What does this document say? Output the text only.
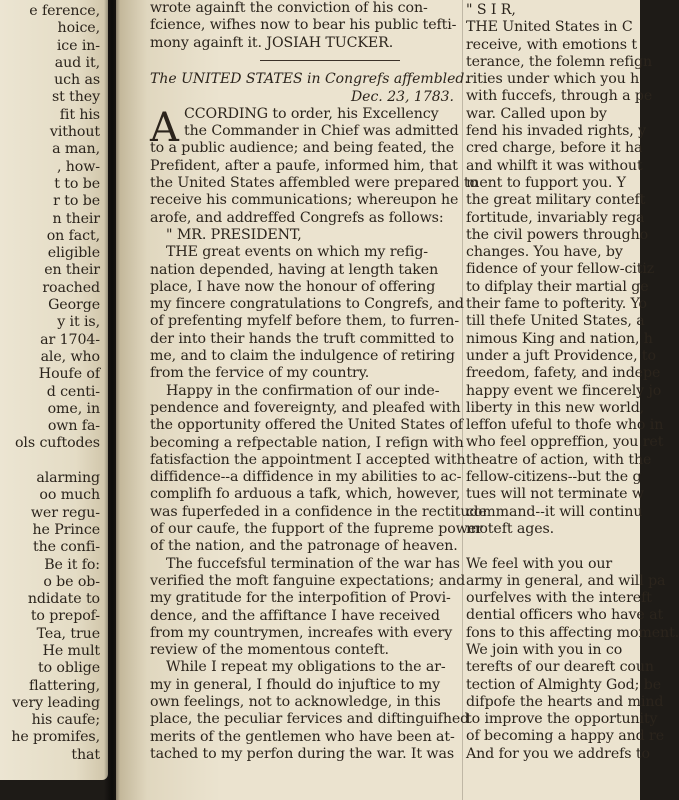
e ference,
hoice,
ice in-
aud it,
uch as
st they
fit his
vithout
a man,
, how-
t to be
r to be
n their
on fact,
eligible
en their
roached
George
y it is,
ar 1704-
ale, who
Houfe of
d centi-
ome, in
own fa-
ols cuftodes
alarming
oo much
wer regu-
he Prince
the confi-
Be it fo:
o be ob-
ndidate to
to prepof-
Tea, true
He mult
to oblige
flattering,
very leading
his caufe;
he promifes,
that
wrote againft the conviction of his con-
fcience, wifhes now to bear his public tefti-
mony againft it. JOSIAH TUCKER.
The UNITED STATES in Congrefs affembled.
Dec. 23, 1783.
A CCORDING to order, his Excellency
the Commander in Chief was admitted
to a public audience; and being feated, the
Prefident, after a paufe, informed him, that
the United States affembled were prepared to
receive his communications; whereupon he
arofe, and addreffed Congrefs as follows:
" MR. PRESIDENT,
THE great events on which my refig-
nation depended, having at length taken
place, I have now the honour of offering
my fincere congratulations to Congrefs, and
of prefenting myfelf before them, to furren-
der into their hands the truft committed to
me, and to claim the indulgence of retiring
from the fervice of my country.
Happy in the confirmation of our inde-
pendence and fovereignty, and pleafed with
the opportunity offered the United States of
becoming a refpectable nation, I refign with
fatisfaction the appointment I accepted with
diffidence--a diffidence in my abilities to ac-
complifh fo arduous a tafk, which, however,
was fuperfeded in a confidence in the rectitude
of our caufe, the fupport of the fupreme power
of the nation, and the patronage of heaven.
The fuccefsful termination of the war has
verified the moft fanguine expectations; and
my gratitude for the interpofition of Provi-
dence, and the affiftance I have received
from my countrymen, increafes with every
review of the momentous conteft.
While I repeat my obligations to the ar-
my in general, I fhould do injuftice to my
own feelings, not to acknowledge, in this
place, the peculiar fervices and diftinguifhed
merits of the gentlemen who have been at-
tached to my perfon during the war. It was
" S I R,
THE United States in C
receive, with emotions t
terance, the folemn refign
rities under which you h
with fuccefs, through a pe
war. Called upon by
fend his invaded rights, y
cred charge, before it ha
and whilft it was without
ment to fupport you. Y
the great military conteft
fortitude, invariably rega
the civil powers througho
changes. You have, by
fidence of your fellow-citiz
to difplay their martial ge
their fame to pofterity. Yo
till thefe United States, a
nimous King and nation, h
under a juft Providence, to
freedom, fafety, and indepe
happy event we fincerely jo
liberty in this new world,
leffon ufeful to thofe who in
who feel oppreffion, you ret
theatre of action, with the
fellow-citizens--but the g
tues will not terminate w
command--it will continu
moteft ages.
We feel with you our
army in general, and will pa
ourfelves with the intereft
dential officers who have at
fons to this affecting moment.
We join with you in co
terefts of our deareft coun
tection of Almighty God; be
difpofe the hearts and mind
to improve the opportunity
of becoming a happy and re
And for you we addrefs to
